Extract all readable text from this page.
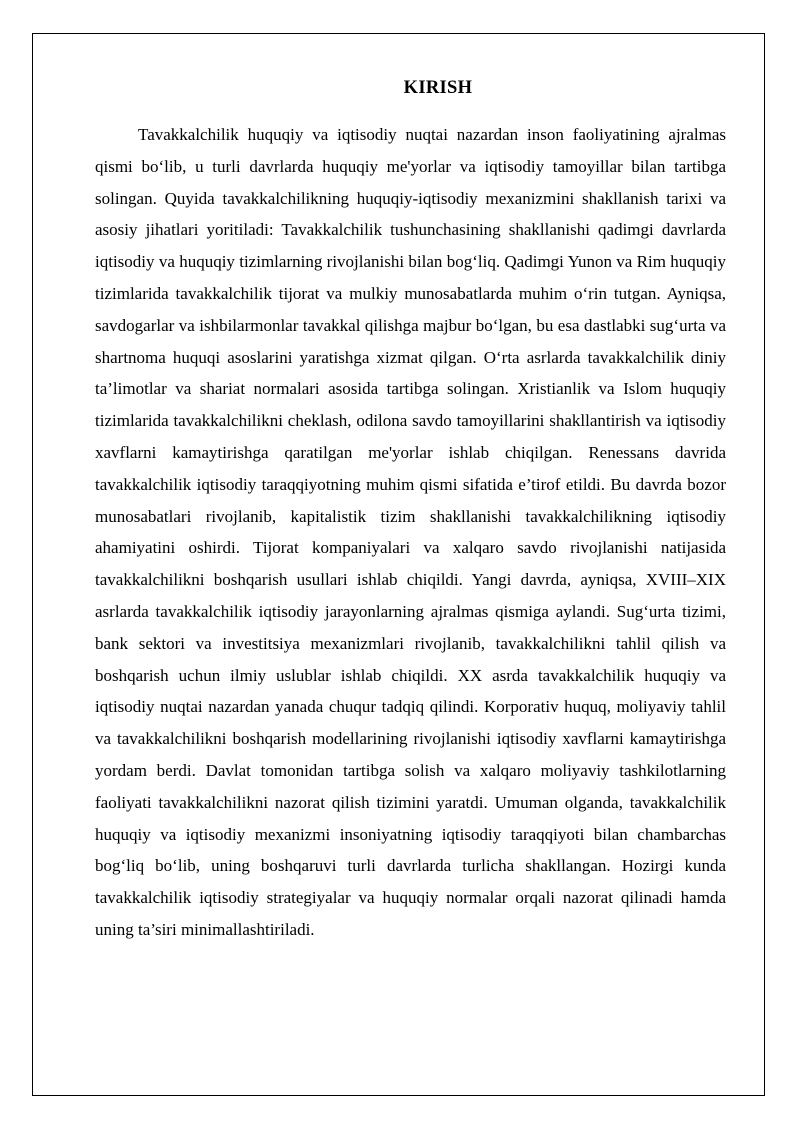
KIRISH

Tavakkalchilik huquqiy va iqtisodiy nuqtai nazardan inson faoliyatining ajralmas qismi bo‘lib, u turli davrlarda huquqiy me'yorlar va iqtisodiy tamoyillar bilan tartibga solingan. Quyida tavakkalchilikning huquqiy-iqtisodiy mexanizmini shakllanish tarixi va asosiy jihatlari yoritiladi: Tavakkalchilik tushunchasining shakllanishi qadimgi davrlarda iqtisodiy va huquqiy tizimlarning rivojlanishi bilan bog‘liq. Qadimgi Yunon va Rim huquqiy tizimlarida tavakkalchilik tijorat va mulkiy munosabatlarda muhim o‘rin tutgan. Ayniqsa, savdogarlar va ishbilarmonlar tavakkal qilishga majbur bo‘lgan, bu esa dastlabki sug‘urta va shartnoma huquqi asoslarini yaratishga xizmat qilgan. O‘rta asrlarda tavakkalchilik diniy ta’limotlar va shariat normalari asosida tartibga solingan. Xristianlik va Islom huquqiy tizimlarida tavakkalchilikni cheklash, odilona savdo tamoyillarini shakllantirish va iqtisodiy xavflarni kamaytirishga qaratilgan me'yorlar ishlab chiqilgan. Renessans davrida tavakkalchilik iqtisodiy taraqqiyotning muhim qismi sifatida e’tirof etildi. Bu davrda bozor munosabatlari rivojlanib, kapitalistik tizim shakllanishi tavakkalchilikning iqtisodiy ahamiyatini oshirdi. Tijorat kompaniyalari va xalqaro savdo rivojlanishi natijasida tavakkalchilikni boshqarish usullari ishlab chiqildi. Yangi davrda, ayniqsa, XVIII–XIX asrlarda tavakkalchilik iqtisodiy jarayonlarning ajralmas qismiga aylandi. Sug‘urta tizimi, bank sektori va investitsiya mexanizmlari rivojlanib, tavakkalchilikni tahlil qilish va boshqarish uchun ilmiy uslublar ishlab chiqildi. XX asrda tavakkalchilik huquqiy va iqtisodiy nuqtai nazardan yanada chuqur tadqiq qilindi. Korporativ huquq, moliyaviy tahlil va tavakkalchilikni boshqarish modellarining rivojlanishi iqtisodiy xavflarni kamaytirishga yordam berdi. Davlat tomonidan tartibga solish va xalqaro moliyaviy tashkilotlarning faoliyati tavakkalchilikni nazorat qilish tizimini yaratdi. Umuman olganda, tavakkalchilik huquqiy va iqtisodiy mexanizmi insoniyatning iqtisodiy taraqqiyoti bilan chambarchas bog‘liq bo‘lib, uning boshqaruvi turli davrlarda turlicha shakllangan. Hozirgi kunda tavakkalchilik iqtisodiy strategiyalar va huquqiy normalar orqali nazorat qilinadi hamda uning ta’siri minimallashtiriladi.
